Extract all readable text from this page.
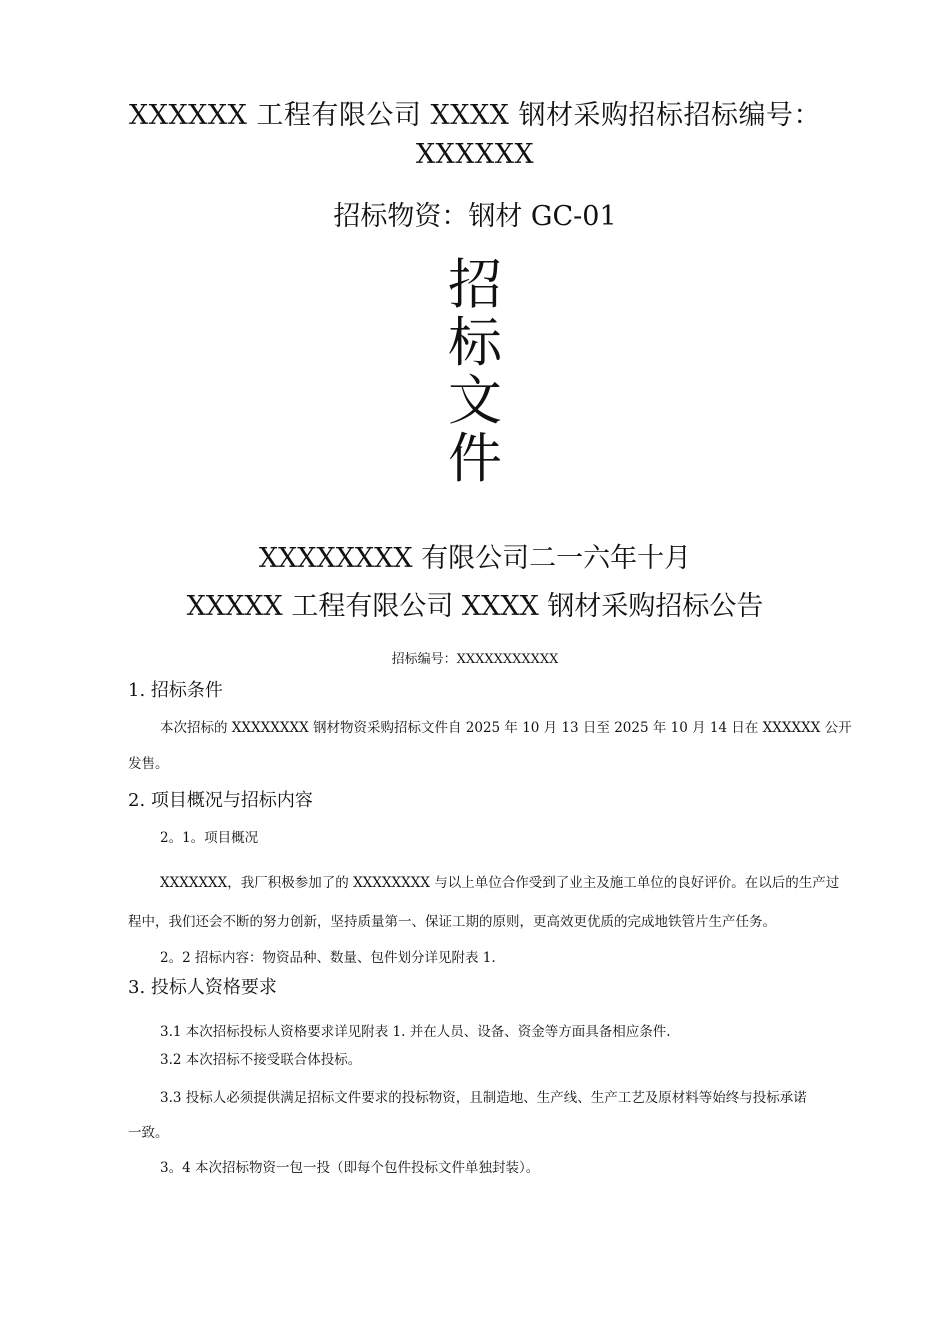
XXXXXX 工程有限公司 XXXX 钢材采购招标招标编号：
XXXXXX
招标物资：钢材 GC-01
招
标
文
件
XXXXXXXX 有限公司二一六年十月
XXXXX 工程有限公司 XXXX 钢材采购招标公告
招标编号：XXXXXXXXXXX
1. 招标条件
本次招标的 XXXXXXXX 钢材物资采购招标文件自 2025 年 10 月 13 日至 2025 年 10 月 14 日在 XXXXXX 公开
发售。
2. 项目概况与招标内容
2。1。项目概况
XXXXXXX，我厂积极参加了的 XXXXXXXX 与以上单位合作受到了业主及施工单位的良好评价。在以后的生产过
程中，我们还会不断的努力创新，坚持质量第一、保证工期的原则，更高效更优质的完成地铁管片生产任务。
2。2 招标内容：物资品种、数量、包件划分详见附表 1.
3. 投标人资格要求
3.1 本次招标投标人资格要求详见附表 1. 并在人员、设备、资金等方面具备相应条件.
3.2 本次招标不接受联合体投标。
3.3 投标人必须提供满足招标文件要求的投标物资，且制造地、生产线、生产工艺及原材料等始终与投标承诺
一致。
3。4 本次招标物资一包一投（即每个包件投标文件单独封装）。
